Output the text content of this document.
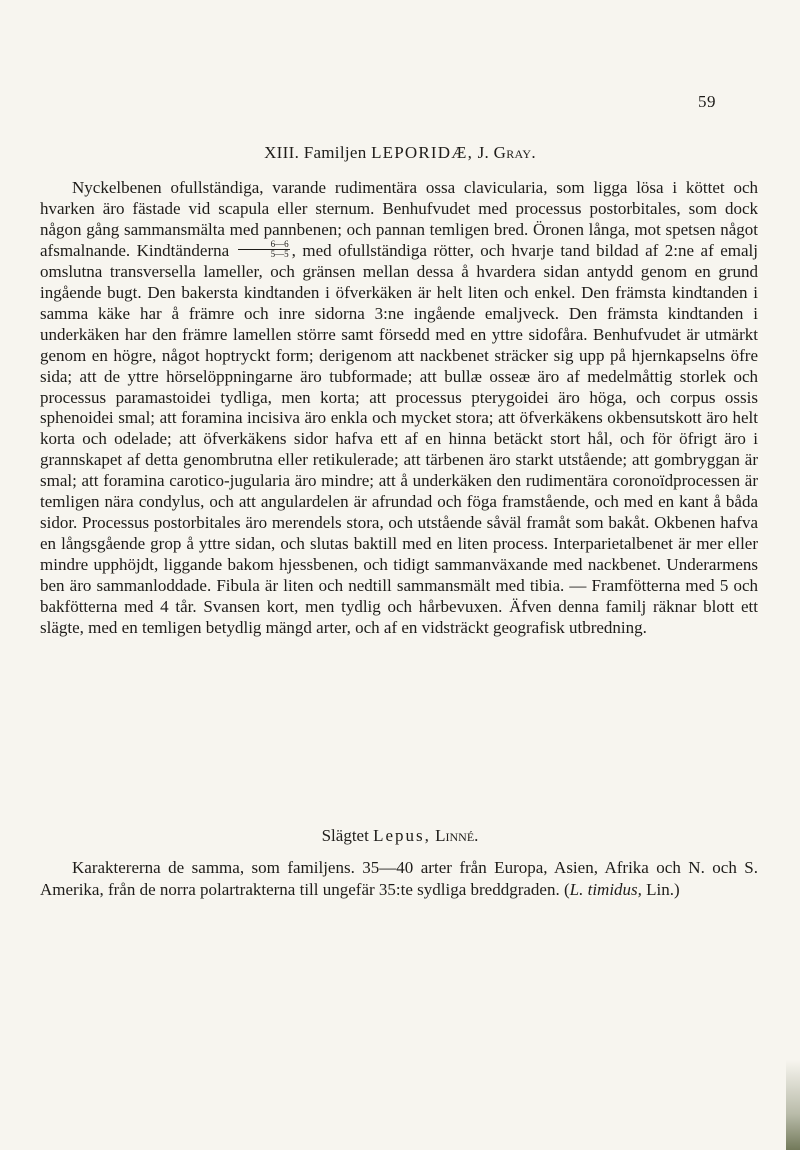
59
XIII. Familjen LEPORIDÆ, J. Gray.

Nyckelbenen ofullständiga, varande rudimentära ossa clavicularia, som ligga lösa i köttet och hvarken äro fästade vid scapula eller sternum. Benhufvudet med processus postorbitales, som dock någon gång sammansmälta med pannbenen; och pannan temligen bred. Öronen långa, mot spetsen något afsmalnande. Kindtänderna $\frac{6—6}{5—5}$ , med ofullständiga rötter, och hvarje tand bildad af 2:ne af emalj omslutna transversella lameller, och gränsen mellan dessa å hvardera sidan antydd genom en grund ingående bugt. Den bakersta kindtanden i öfverkäken är helt liten och enkel. Den främsta kindtanden i samma käke har å främre och inre sidorna 3:ne ingående emaljveck. Den främsta kindtanden i underkäken har den främre lamellen större samt försedd med en yttre sidofåra. Benhufvudet är utmärkt genom en högre, något hoptryckt form; derigenom att nackbenet sträcker sig upp på hjernkapselns öfre sida; att de yttre hörselöppningarne äro tubformade; att bullæ osseæ äro af medelmåttig storlek och processus paramastoidei tydliga, men korta; att processus pterygoidei äro höga, och corpus ossis sphenoidei smal; att foramina incisiva äro enkla och mycket stora; att öfverkäkens okbensutskott äro helt korta och odelade; att öfverkäkens sidor hafva ett af en hinna betäckt stort hål, och för öfrigt äro i grannskapet af detta genombrutna eller retikulerade; att tärbenen äro starkt utstående; att gombryggan är smal; att foramina carotico-jugularia äro mindre; att å underkäken den rudimentära coronoïdprocessen är temligen nära condylus, och att angulardelen är afrundad och föga framstående, och med en kant å båda sidor. Processus postorbitales äro merendels stora, och utstående såväl framåt som bakåt. Okbenen hafva en långsgående grop å yttre sidan, och slutas baktill med en liten process. Interparietalbenet är mer eller mindre upphöjdt, liggande bakom hjessbenen, och tidigt sammanväxande med nackbenet. Underarmens ben äro sammanloddade. Fibula är liten och nedtill sammansmält med tibia. — Framfötterna med 5 och bakfötterna med 4 tår. Svansen kort, men tydlig och hårbevuxen. Äfven denna familj räknar blott ett slägte, med en temligen betydlig mängd arter, och af en vidsträckt geografisk utbredning.

Slägtet Lepus, Linné.

Karaktererna de samma, som familjens. 35—40 arter från Europa, Asien, Afrika och N. och S. Amerika, från de norra polartrakterna till ungefär 35:te sydliga breddgraden. (L. timidus, Lin.)
